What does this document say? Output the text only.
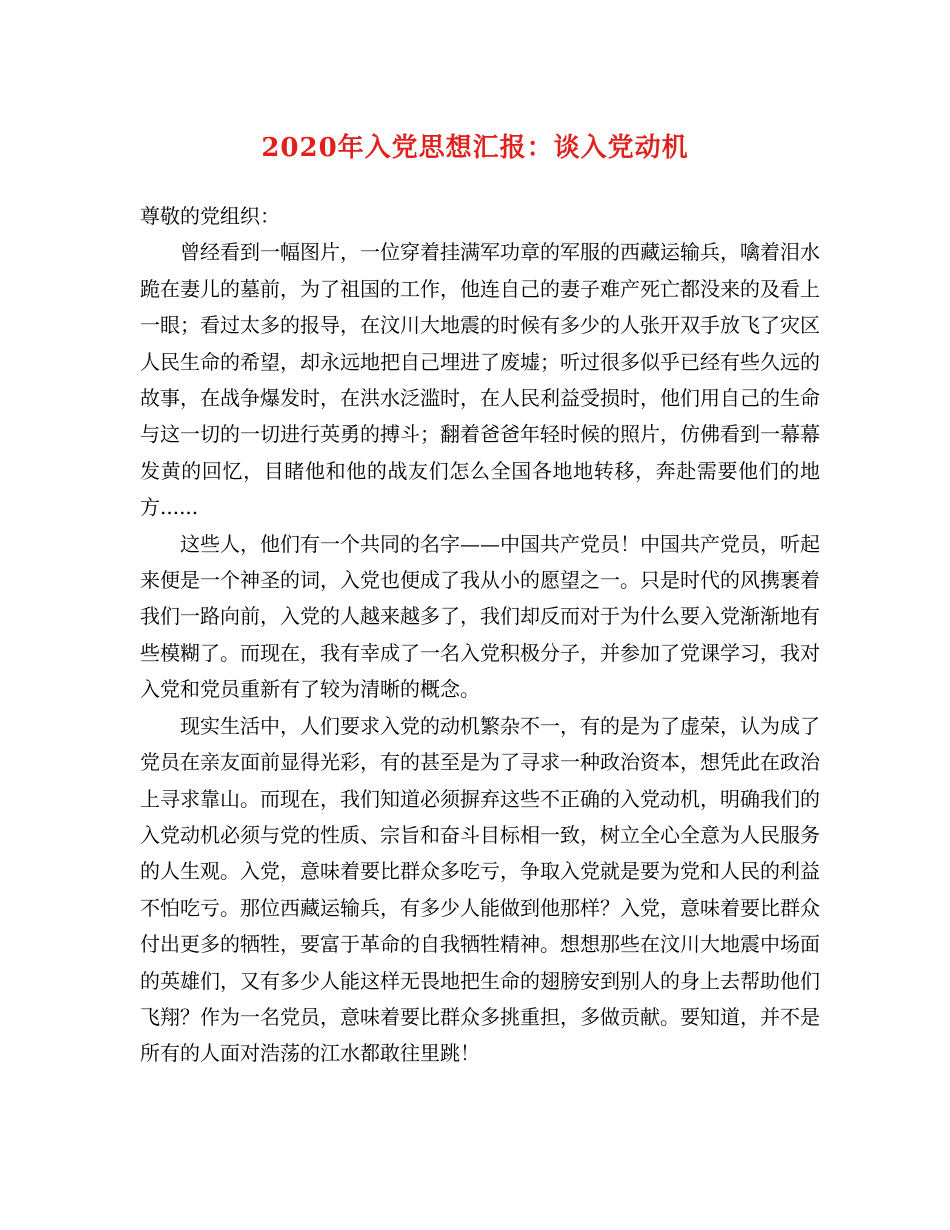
2020年入党思想汇报：谈入党动机

尊敬的党组织：

曾经看到一幅图片，一位穿着挂满军功章的军服的西藏运输兵，噙着泪水跪在妻儿的墓前，为了祖国的工作，他连自己的妻子难产死亡都没来的及看上一眼；看过太多的报导，在汶川大地震的时候有多少的人张开双手放飞了灾区人民生命的希望，却永远地把自己埋进了废墟；听过很多似乎已经有些久远的故事，在战争爆发时，在洪水泛滥时，在人民利益受损时，他们用自己的生命与这一切的一切进行英勇的搏斗；翻着爸爸年轻时候的照片，仿佛看到一幕幕发黄的回忆，目睹他和他的战友们怎么全国各地地转移，奔赴需要他们的地方......

这些人，他们有一个共同的名字——中国共产党员！中国共产党员，听起来便是一个神圣的词，入党也便成了我从小的愿望之一。只是时代的风携裹着我们一路向前，入党的人越来越多了，我们却反而对于为什么要入党渐渐地有些模糊了。而现在，我有幸成了一名入党积极分子，并参加了党课学习，我对入党和党员重新有了较为清晰的概念。

现实生活中，人们要求入党的动机繁杂不一，有的是为了虚荣，认为成了党员在亲友面前显得光彩，有的甚至是为了寻求一种政治资本，想凭此在政治上寻求靠山。而现在，我们知道必须摒弃这些不正确的入党动机，明确我们的入党动机必须与党的性质、宗旨和奋斗目标相一致，树立全心全意为人民服务的人生观。入党，意味着要比群众多吃亏，争取入党就是要为党和人民的利益不怕吃亏。那位西藏运输兵，有多少人能做到他那样？入党，意味着要比群众付出更多的牺牲，要富于革命的自我牺牲精神。想想那些在汶川大地震中场面的英雄们，又有多少人能这样无畏地把生命的翅膀安到别人的身上去帮助他们飞翔？作为一名党员，意味着要比群众多挑重担，多做贡献。要知道，并不是所有的人面对浩荡的江水都敢往里跳！
